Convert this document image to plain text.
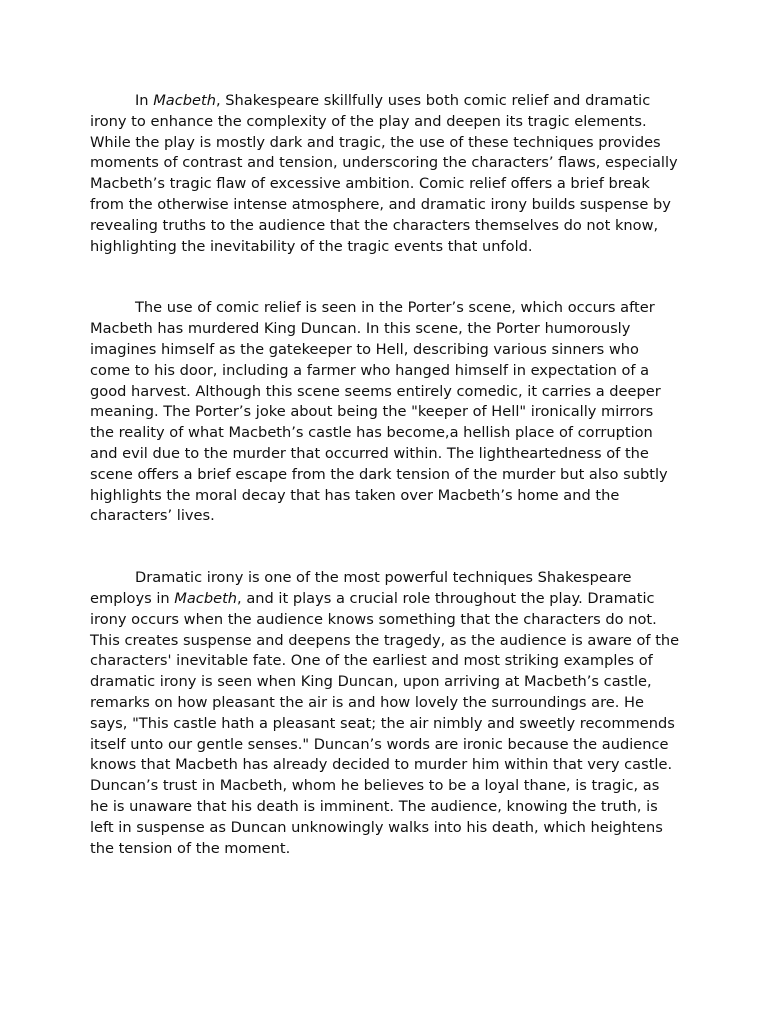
In Macbeth, Shakespeare skillfully uses both comic relief and dramatic irony to enhance the complexity of the play and deepen its tragic elements. While the play is mostly dark and tragic, the use of these techniques provides moments of contrast and tension, underscoring the characters’ flaws, especially Macbeth’s tragic flaw of excessive ambition. Comic relief offers a brief break from the otherwise intense atmosphere, and dramatic irony builds suspense by revealing truths to the audience that the characters themselves do not know, highlighting the inevitability of the tragic events that unfold.

The use of comic relief is seen in the Porter’s scene, which occurs after Macbeth has murdered King Duncan. In this scene, the Porter humorously imagines himself as the gatekeeper to Hell, describing various sinners who come to his door, including a farmer who hanged himself in expectation of a good harvest. Although this scene seems entirely comedic, it carries a deeper meaning. The Porter’s joke about being the "keeper of Hell" ironically mirrors the reality of what Macbeth’s castle has become,a hellish place of corruption and evil due to the murder that occurred within. The lightheartedness of the scene offers a brief escape from the dark tension of the murder but also subtly highlights the moral decay that has taken over Macbeth’s home and the characters’ lives.

Dramatic irony is one of the most powerful techniques Shakespeare employs in Macbeth, and it plays a crucial role throughout the play. Dramatic irony occurs when the audience knows something that the characters do not. This creates suspense and deepens the tragedy, as the audience is aware of the characters' inevitable fate. One of the earliest and most striking examples of dramatic irony is seen when King Duncan, upon arriving at Macbeth’s castle, remarks on how pleasant the air is and how lovely the surroundings are. He says, "This castle hath a pleasant seat; the air nimbly and sweetly recommends itself unto our gentle senses." Duncan’s words are ironic because the audience knows that Macbeth has already decided to murder him within that very castle. Duncan’s trust in Macbeth, whom he believes to be a loyal thane, is tragic, as he is unaware that his death is imminent. The audience, knowing the truth, is left in suspense as Duncan unknowingly walks into his death, which heightens the tension of the moment.
